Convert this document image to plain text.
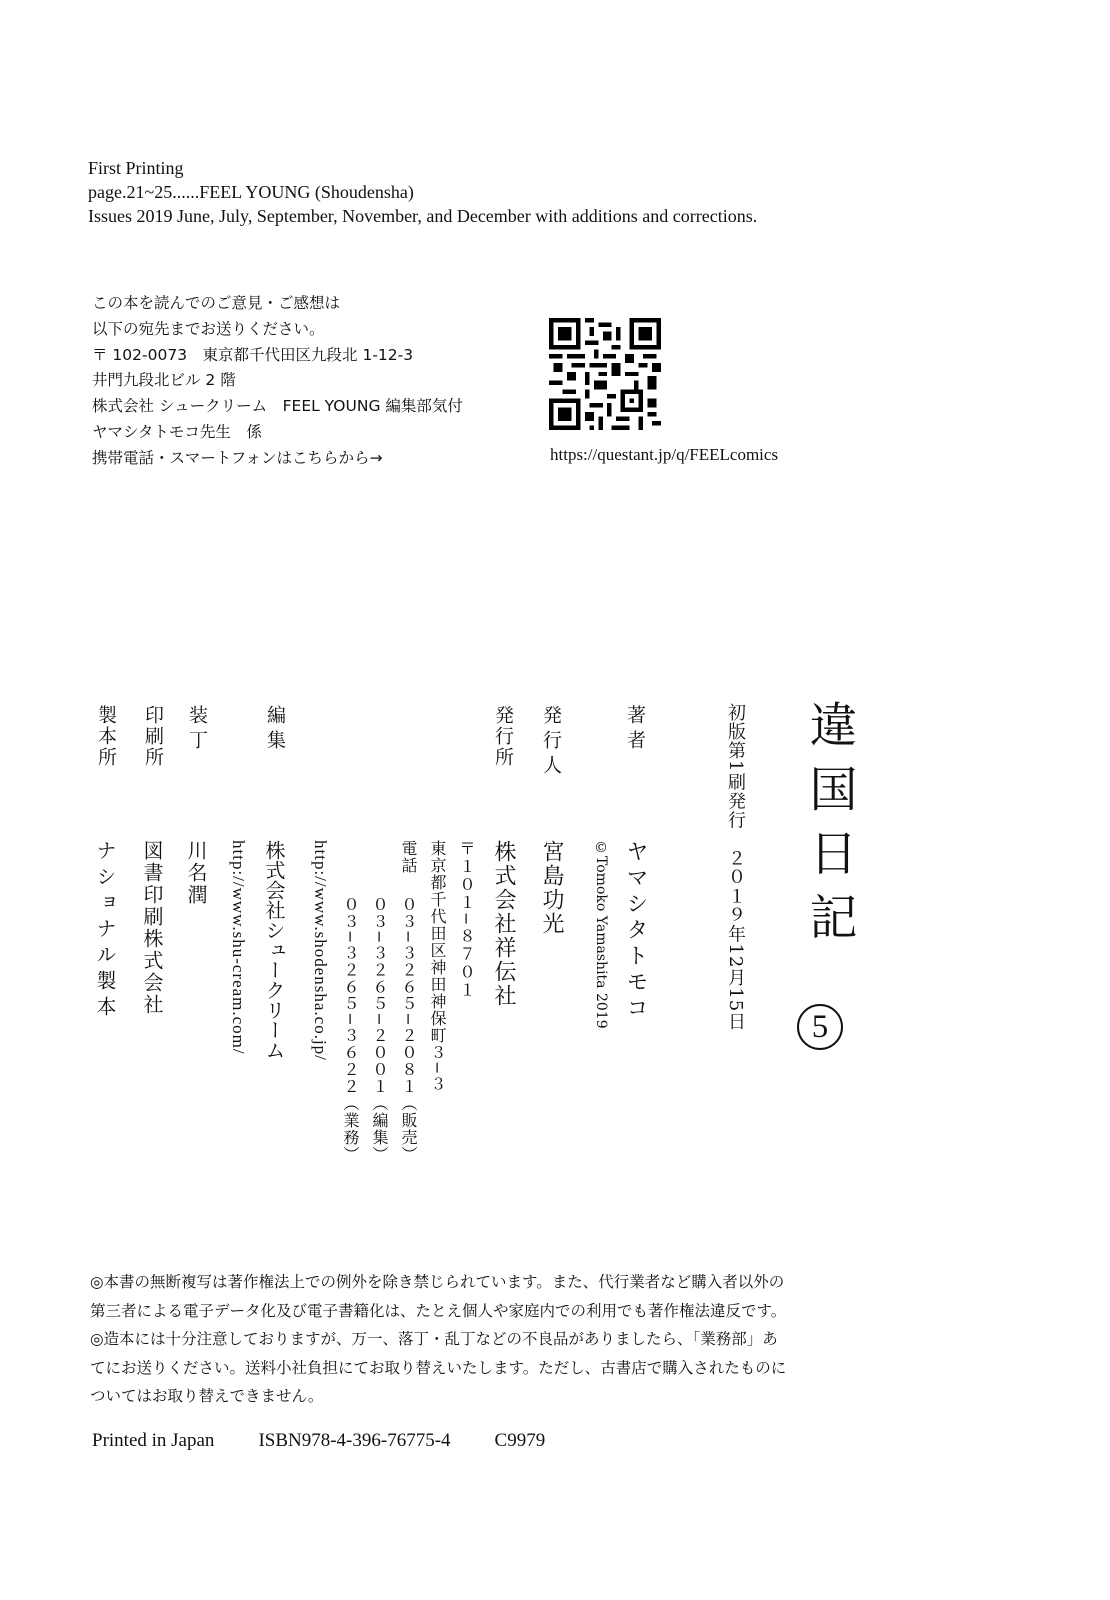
First Printing
page.21~25......FEEL YOUNG (Shoudensha)
Issues 2019 June, July, September, November, and December with additions and corrections.
この本を読んでのご意見・ご感想は
以下の宛先までお送りください。
〒 102-0073　東京都千代田区九段北 1-12-3
井門九段北ビル 2 階
株式会社 シュークリーム　FEEL YOUNG 編集部気付
ヤマシタトモコ先生　係
携帯電話・スマートフォンはこちらから→	https://questant.jp/q/FEELcomics
違国日記
5
初版第1刷発行　２０１９年12月15日
著者
ヤマシタトモコ
©Tomoko Yamashita 2019
発行人
宮島功光
発行所
株式会社祥伝社
〒１０１−８７０１
東京都千代田区神田神保町３−３
電話
０３−３２６５−２０８１（販売）
０３−３２６５−２００１（編集）
０３−３２６５−３６２２（業務）
http://www.shodensha.co.jp/
編集
株式会社シュークリーム
http://www.shu-cream.com/
装丁
川名潤
印刷所
図書印刷株式会社
製本所
ナショナル製本
◎本書の無断複写は著作権法上での例外を除き禁じられています。また、代行業者など購入者以外の
第三者による電子データ化及び電子書籍化は、たとえ個人や家庭内での利用でも著作権法違反です。
◎造本には十分注意しておりますが、万一、落丁・乱丁などの不良品がありましたら、「業務部」あ
てにお送りください。送料小社負担にてお取り替えいたします。ただし、古書店で購入されたものに
ついてはお取り替えできません。
Printed in Japan ISBN978-4-396-76775-4 C9979
